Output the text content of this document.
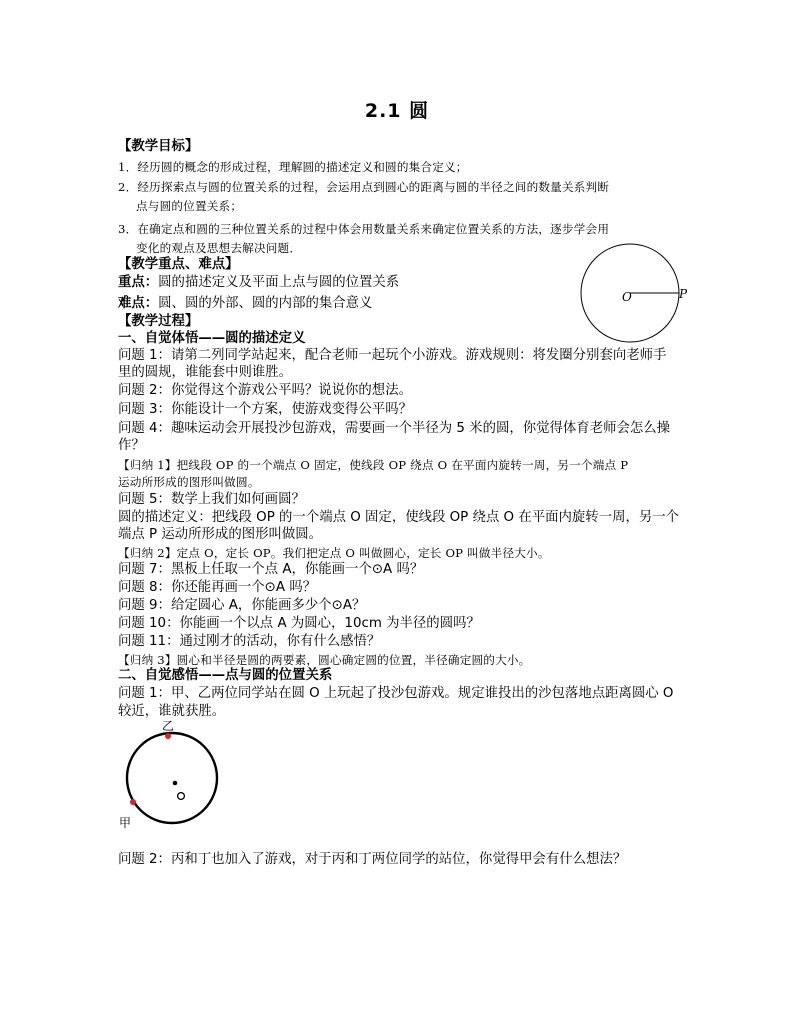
2.1 圆
【教学目标】
1．经历圆的概念的形成过程，理解圆的描述定义和圆的集合定义；
2．经历探索点与圆的位置关系的过程，会运用点到圆心的距离与圆的半径之间的数量关系判断
点与圆的位置关系；
3．在确定点和圆的三种位置关系的过程中体会用数量关系来确定位置关系的方法，逐步学会用
变化的观点及思想去解决问题．
【教学重点、难点】
重点：圆的描述定义及平面上点与圆的位置关系
难点：圆、圆的外部、圆的内部的集合意义
【教学过程】
一、自觉体悟——圆的描述定义
问题 1：请第二列同学站起来，配合老师一起玩个小游戏。游戏规则：将发圈分别套向老师手
里的圆规，谁能套中则谁胜。
问题 2：你觉得这个游戏公平吗？说说你的想法。
问题 3：你能设计一个方案，使游戏变得公平吗？
问题 4：趣味运动会开展投沙包游戏，需要画一个半径为 5 米的圆，你觉得体育老师会怎么操
作？
【归纳 1】把线段 OP 的一个端点 O 固定，使线段 OP 绕点 O 在平面内旋转一周，另一个端点 P
运动所形成的图形叫做圆。
问题 5：数学上我们如何画圆？
圆的描述定义：把线段 OP 的一个端点 O 固定，使线段 OP 绕点 O 在平面内旋转一周，另一个
端点 P 运动所形成的图形叫做圆。
【归纳 2】定点 O，定长 OP。我们把定点 O 叫做圆心，定长 OP 叫做半径大小。
问题 7：黑板上任取一个点 A，你能画一个⊙A 吗？
问题 8：你还能再画一个⊙A 吗？
问题 9：给定圆心 A，你能画多少个⊙A？
问题 10：你能画一个以点 A 为圆心，10cm 为半径的圆吗？
问题 11：通过刚才的活动，你有什么感悟？
【归纳 3】圆心和半径是圆的两要素，圆心确定圆的位置，半径确定圆的大小。
二、自觉感悟——点与圆的位置关系
问题 1：甲、乙两位同学站在圆 O 上玩起了投沙包游戏。规定谁投出的沙包落地点距离圆心 O
较近，谁就获胜。
问题 2：丙和丁也加入了游戏，对于丙和丁两位同学的站位，你觉得甲会有什么想法？
O	P
乙
甲
